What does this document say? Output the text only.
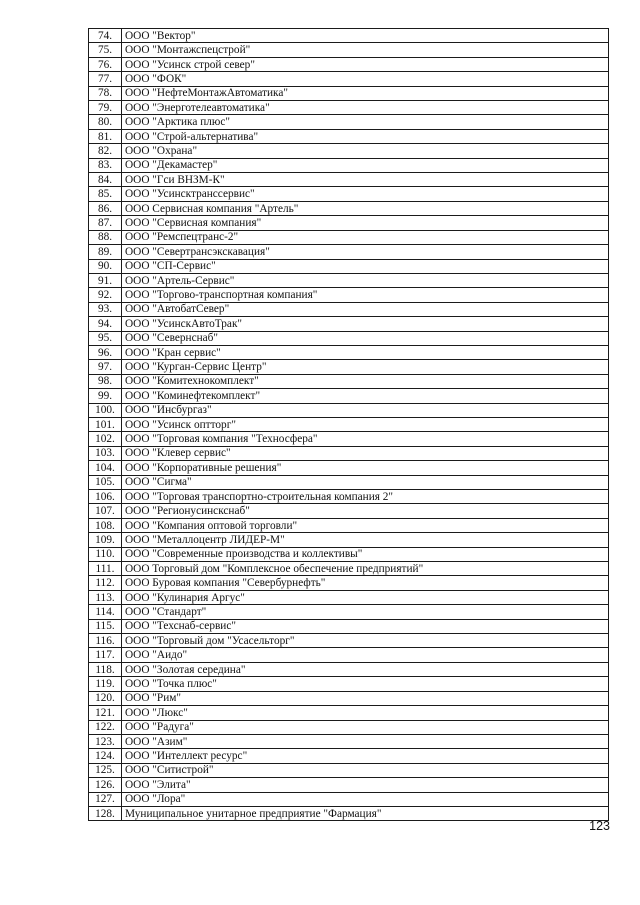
74.	ООО "Вектор"
75.	ООО "Монтажспецстрой"
76.	ООО "Усинск строй север"
77.	ООО "ФОК"
78.	ООО "НефтеМонтажАвтоматика"
79.	ООО "Энерготелеавтоматика"
80.	ООО "Арктика плюс"
81.	ООО "Строй-альтернатива"
82.	ООО "Охрана"
83.	ООО "Декамастер"
84.	ООО "Гси ВНЗМ-К"
85.	ООО "Усинсктранссервис"
86.	ООО Сервисная компания "Артель"
87.	ООО "Сервисная компания"
88.	ООО "Ремспецтранс-2"
89.	ООО "Севертрансэкскавация"
90.	ООО "СП-Сервис"
91.	ООО "Артель-Сервис"
92.	ООО "Торгово-транспортная компания"
93.	ООО "АвтобатСевер"
94.	ООО "УсинскАвтоТрак"
95.	ООО "Севернснаб"
96.	ООО "Кран сервис"
97.	ООО "Курган-Сервис Центр"
98.	ООО "Комитехнокомплект"
99.	ООО "Коминефтекомплект"
100.	ООО "Инсбургаз"
101.	ООО "Усинск оптторг"
102.	ООО "Торговая компания "Техносфера"
103.	ООО "Клевер сервис"
104.	ООО "Корпоративные решения"
105.	ООО "Сигма"
106.	ООО "Торговая транспортно-строительная компания 2"
107.	ООО "Регионусинскснаб"
108.	ООО "Компания оптовой торговли"
109.	ООО "Металлоцентр ЛИДЕР-М"
110.	ООО "Современные производства и коллективы"
111.	ООО Торговый дом "Комплексное обеспечение предприятий"
112.	ООО Буровая компания "Севербурнефть"
113.	ООО "Кулинария Аргус"
114.	ООО "Стандарт"
115.	ООО "Техснаб-сервис"
116.	ООО "Торговый дом "Усасельторг"
117.	ООО "Аидо"
118.	ООО "Золотая середина"
119.	ООО "Точка плюс"
120.	ООО "Рим"
121.	ООО "Люкс"
122.	ООО "Радуга"
123.	ООО "Азим"
124.	ООО "Интеллект ресурс"
125.	ООО "Ситистрой"
126.	ООО "Элита"
127.	ООО "Лора"
128.	Муниципальное унитарное предприятие "Фармация"
123
